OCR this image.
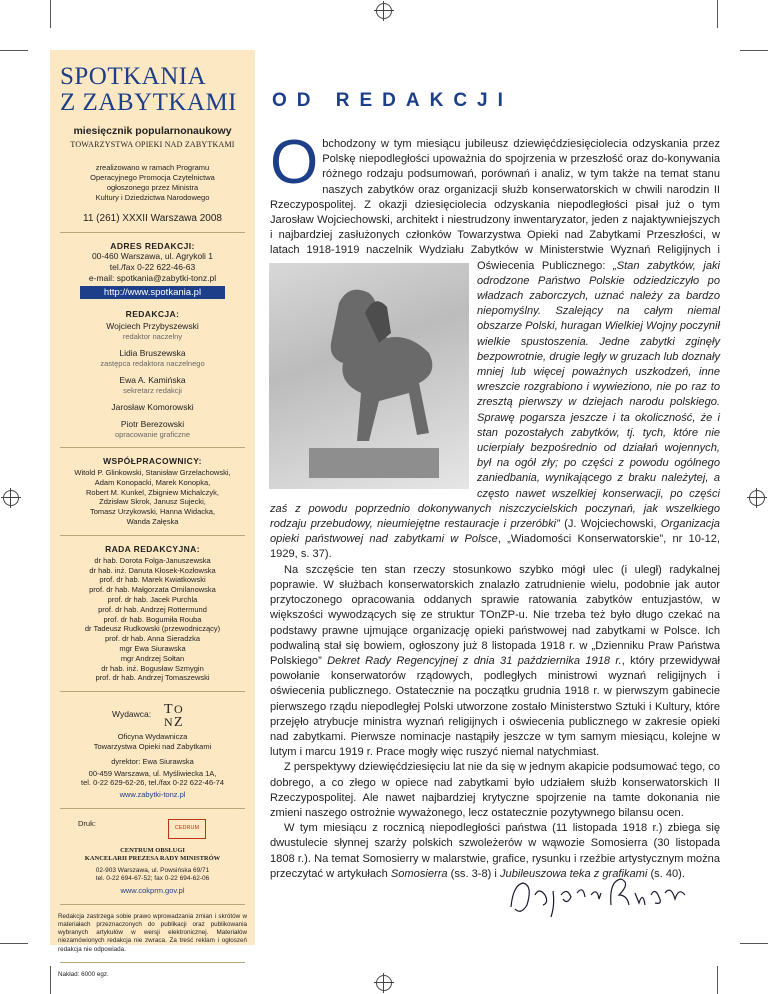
SPOTKANIA
Z ZABYTKAMI
miesięcznik popularnonaukowy
TOWARZYSTWA OPIEKI NAD ZABYTKAMI
zrealizowano w ramach Programu
Operacyjnego Promocja Czytelnictwa
ogłoszonego przez Ministra
Kultury i Dziedzictwa Narodowego
11 (261) XXXII Warszawa 2008
ADRES REDAKCJI:
00-460 Warszawa, ul. Agrykoli 1
tel./fax 0-22 622-46-63
e-mail: spotkania@zabytki-tonz.pl
http://www.spotkania.pl
REDAKCJA:
Wojciech Przybyszewski
redaktor naczelny
Lidia Bruszewska
zastępca redaktora naczelnego
Ewa A. Kamińska
sekretarz redakcji
Jarosław Komorowski
Piotr Berezowski
opracowanie graficzne
WSPÓŁPRACOWNICY:
Witold P. Glinkowski, Stanisław Grzelachowski,
Adam Konopacki, Marek Konopka,
Robert M. Kunkel, Zbigniew Michalczyk,
Zdzisław Skrok, Janusz Sujecki,
Tomasz Urzykowski, Hanna Widacka,
Wanda Załęska
RADA REDAKCYJNA:
dr hab. Dorota Folga-Januszewska
dr hab. inż. Danuta Kłosek-Kozłowska
prof. dr hab. Marek Kwiatkowski
prof. dr hab. Małgorzata Omilanowska
prof. dr hab. Jacek Purchla
prof. dr hab. Andrzej Rottermund
prof. dr hab. Bogumiła Rouba
dr Tadeusz Rudkowski (przewodniczący)
prof. dr hab. Anna Sieradzka
mgr Ewa Siurawska
mgr Andrzej Sołtan
dr hab. inż. Bogusław Szmygin
prof. dr hab. Andrzej Tomaszewski
Wydawca: T O
N Z
Oficyna Wydawnicza
Towarzystwa Opieki nad Zabytkami
dyrektor: Ewa Siurawska
00-459 Warszawa, ul. Myśliwiecka 1A,
tel. 0-22 629-62-26, tel./fax 0-22 622-46-74
www.zabytki-tonz.pl
Druk:	CEDRUM
CENTRUM OBSŁUGI
KANCELARII PREZESA RADY MINISTRÓW
02-903 Warszawa, ul. Powsińska 69/71
tel. 0-22 694-67-52; fax 0-22 694-62-06
www.cokprm.gov.pl
Redakcja zastrzega sobie prawo wprowadzania zmian i skrótów w materiałach przeznaczonych do publikacji oraz publikowania wybranych artykułów w wersji elektronicznej. Materiałów niezamówionych redakcja nie zwraca. Za treść reklam i ogłoszeń redakcja nie odpowiada.
Nakład: 6000 egz.
OD REDAKCJI

O bchodzony w tym miesiącu jubileusz dziewięćdziesięciolecia odzyskania przez Polskę niepodległości upoważnia do spojrzenia w przeszłość oraz do-konywania różnego rodzaju podsumowań, porównań i analiz, w tym także na temat stanu naszych zabytków oraz organizacji służb konserwatorskich w chwili narodzin II Rzeczypospolitej. Z okazji dziesięciolecia odzyskania niepodległości pisał już o tym Jarosław Wojciechowski, architekt i niestrudzony inwentaryzator, jeden z najaktywniejszych i najbardziej zasłużonych członków Towarzystwa Opieki nad Zabytkami Przeszłości, w latach 1918-1919 naczelnik Wydziału Zabytków w Ministerstwie Wyznań Religijnych i Oświecenia Publicznego:
„Stan zabytków, jaki odrodzone Państwo Polskie odziedziczyło po władzach zaborczych, uznać należy za bardzo niepomyślny. Szalejący na całym niemal obszarze Polski, huragan Wielkiej Wojny poczynił wielkie spustoszenia. Jedne zabytki zginęły bezpowrotnie, drugie legły w gruzach lub doznały mniej lub więcej poważnych uszkodzeń, inne wreszcie rozgrabiono i wywieziono, nie po raz to zresztą pierwszy w dziejach narodu polskiego. Sprawę pogarsza jeszcze i ta okoliczność, że i stan pozostałych zabytków, tj. tych, które nie ucierpiały bezpośrednio od działań wojennych, był na ogół zły; po części z powodu ogólnego zaniedbania, wynikającego z braku należytej, a często nawet wszelkiej konserwacji, po części zaś z powodu poprzednio dokonywanych niszczycielskich poczynań, jak wszelkiego rodzaju przebudowy, nieumiejętne restauracje i przeróbki” (J. Wojciechowski, Organizacja opieki państwowej nad zabytkami w Polsce, „Wiadomości Konserwatorskie”, nr 10-12, 1929, s. 37).

Na szczęście ten stan rzeczy stosunkowo szybko mógł ulec (i uległ) radykalnej poprawie. W służbach konserwatorskich znalazło zatrudnienie wielu, podobnie jak autor przytoczonego opracowania oddanych sprawie ratowania zabytków entuzjastów, w większości wywodzących się ze struktur TOnZP-u. Nie trzeba też było długo czekać na podstawy prawne ujmujące organizację opieki państwowej nad zabytkami w Polsce. Ich podwaliną stał się bowiem, ogłoszony już 8 listopada 1918 r. w „Dzienniku Praw Państwa Polskiego” Dekret Rady Regencyjnej z dnia 31 października 1918 r., który przewidywał powołanie konserwatorów rządowych, podległych ministrowi wyznań religijnych i oświecenia publicznego. Ostatecznie na początku grudnia 1918 r. w pierwszym gabinecie pierwszego rządu niepodległej Polski utworzone zostało Ministerstwo Sztuki i Kultury, które przejęło atrybucje ministra wyznań religijnych i oświecenia publicznego w zakresie opieki nad zabytkami. Pierwsze nominacje nastąpiły jeszcze w tym samym miesiącu, kolejne w lutym i marcu 1919 r. Prace mogły więc ruszyć niemal natychmiast.

Z perspektywy dziewięćdziesięciu lat nie da się w jednym akapicie podsumować tego, co dobrego, a co złego w opiece nad zabytkami było udziałem służb konserwatorskich II Rzeczypospolitej. Ale nawet najbardziej krytyczne spojrzenie na tamte dokonania nie zmieni naszego ostrożnie wyważonego, lecz ostatecznie pozytywnego bilansu ocen.

W tym miesiącu z rocznicą niepodległości państwa (11 listopada 1918 r.) zbiega się dwustulecie słynnej szarży polskich szwoleżerów w wąwozie Somosierra (30 listopada 1808 r.). Na temat Somosierry w malarstwie, grafice, rysunku i rzeźbie artystycznym można przeczytać w artykułach Somosierra (ss. 3-8) i Jubileuszowa teka z grafikami (s. 40).
